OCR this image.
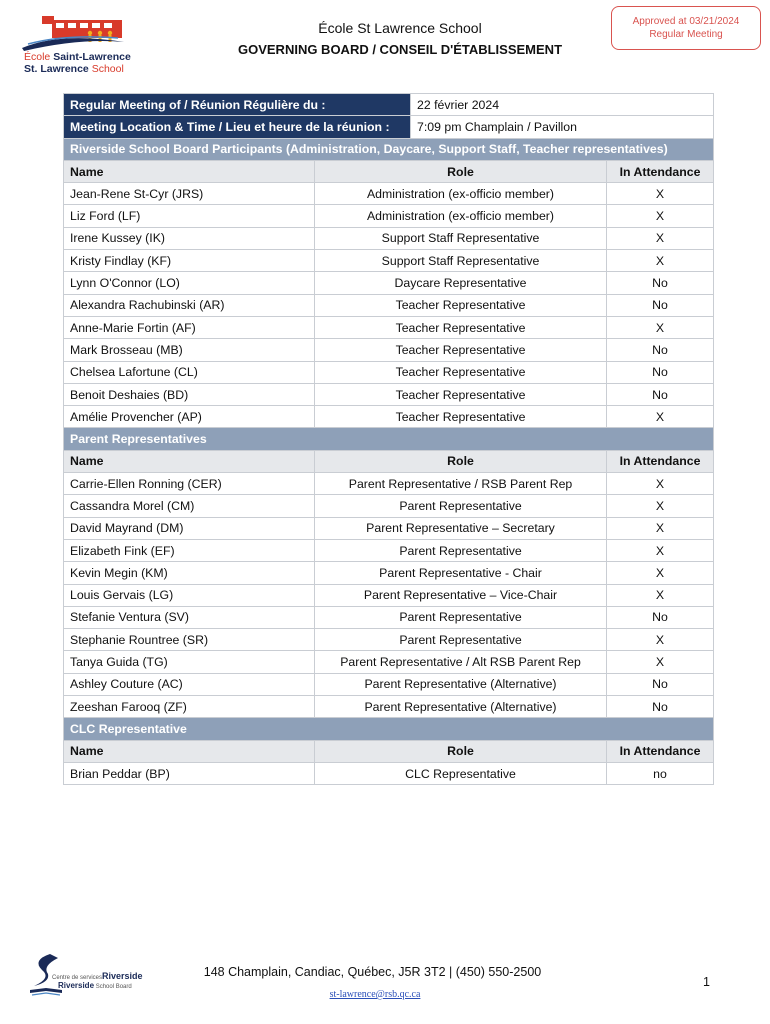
École Saint-Lawrence
St. Lawrence School
École St Lawrence School
GOVERNING BOARD / CONSEIL D'ÉTABLISSEMENT
Approved at 03/21/2024
Regular Meeting
Regular Meeting of / Réunion Régulière du :		22 février 2024	
Meeting Location & Time / Lieu et heure de la réunion :		7:09 pm Champlain / Pavillon	
Riverside School Board Participants (Administration, Daycare, Support Staff, Teacher representatives)			
Name	Role		In Attendance
Jean-Rene St-Cyr (JRS)	Administration (ex-officio member)		X
Liz Ford (LF)	Administration (ex-officio member)		X
Irene Kussey (IK)	Support Staff Representative		X
Kristy Findlay (KF)	Support Staff Representative		X
Lynn O'Connor (LO)	Daycare Representative		No
Alexandra Rachubinski (AR)	Teacher Representative		No
Anne-Marie Fortin (AF)	Teacher Representative		X
Mark Brosseau (MB)	Teacher Representative		No
Chelsea Lafortune (CL)	Teacher Representative		No
Benoit Deshaies (BD)	Teacher Representative		No
Amélie Provencher (AP)	Teacher Representative		X
Parent Representatives			
Name	Role		In Attendance
Carrie-Ellen Ronning (CER)	Parent Representative / RSB Parent Rep		X
Cassandra Morel (CM)	Parent Representative		X
David Mayrand (DM)	Parent Representative – Secretary		X
Elizabeth Fink (EF)	Parent Representative		X
Kevin Megin (KM)	Parent Representative - Chair		X
Louis Gervais (LG)	Parent Representative – Vice-Chair		X
Stefanie Ventura (SV)	Parent Representative		No
Stephanie Rountree (SR)	Parent Representative		X
Tanya Guida (TG)	Parent Representative / Alt RSB Parent Rep		X
Ashley Couture (AC)	Parent Representative (Alternative)		No
Zeeshan Farooq (ZF)	Parent Representative (Alternative)		No
CLC Representative			
Name	Role		In Attendance
Brian Peddar (BP)	CLC Representative		no
Centre de servicesRiverside
Riverside School Board
148 Champlain, Candiac, Québec, J5R 3T2 | (450) 550-2500
st-lawrence@rsb.qc.ca
1
